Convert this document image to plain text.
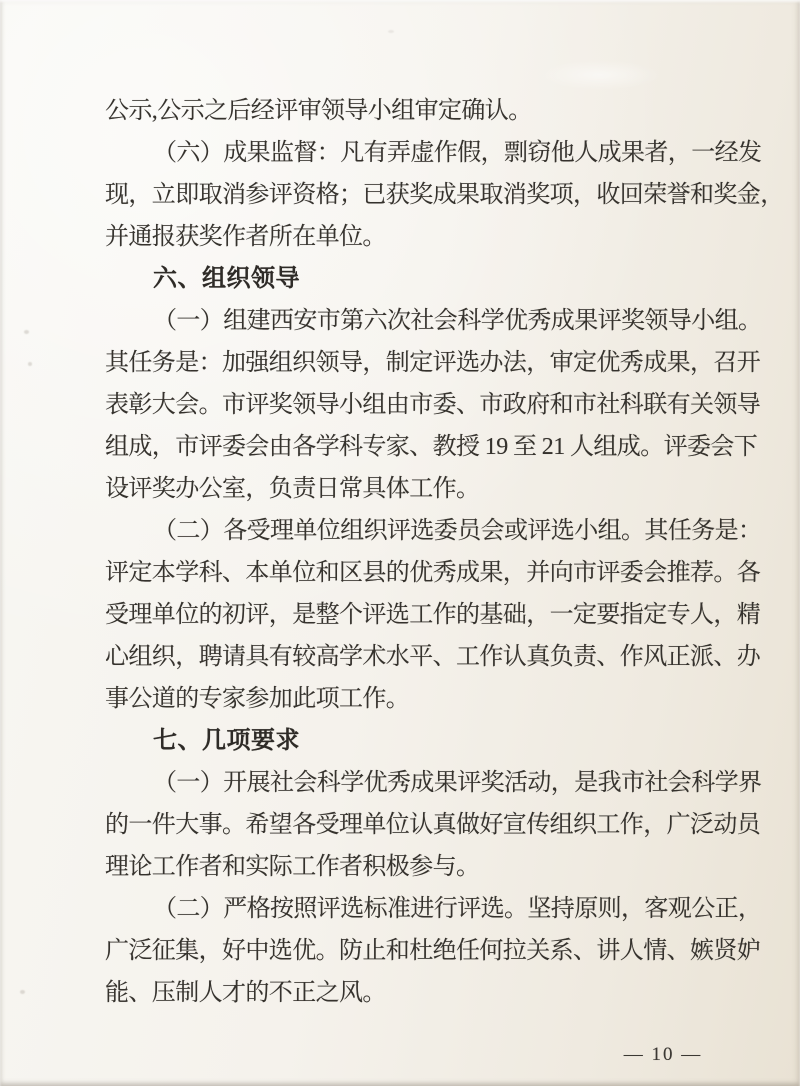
公示,公示之后经评审领导小组审定确认。
（六）成果监督：凡有弄虚作假，剽窃他人成果者，一经发
现，立即取消参评资格；已获奖成果取消奖项，收回荣誉和奖金，
并通报获奖作者所在单位。
六、组织领导
（一）组建西安市第六次社会科学优秀成果评奖领导小组。
其任务是：加强组织领导，制定评选办法，审定优秀成果，召开
表彰大会。市评奖领导小组由市委、市政府和市社科联有关领导
组成，市评委会由各学科专家、教授 19 至 21 人组成。评委会下
设评奖办公室，负责日常具体工作。
（二）各受理单位组织评选委员会或评选小组。其任务是：
评定本学科、本单位和区县的优秀成果，并向市评委会推荐。各
受理单位的初评，是整个评选工作的基础，一定要指定专人，精
心组织，聘请具有较高学术水平、工作认真负责、作风正派、办
事公道的专家参加此项工作。
七、几项要求
（一）开展社会科学优秀成果评奖活动，是我市社会科学界
的一件大事。希望各受理单位认真做好宣传组织工作，广泛动员
理论工作者和实际工作者积极参与。
（二）严格按照评选标准进行评选。坚持原则，客观公正，
广泛征集，好中选优。防止和杜绝任何拉关系、讲人情、嫉贤妒
能、压制人才的不正之风。
— 10 —
